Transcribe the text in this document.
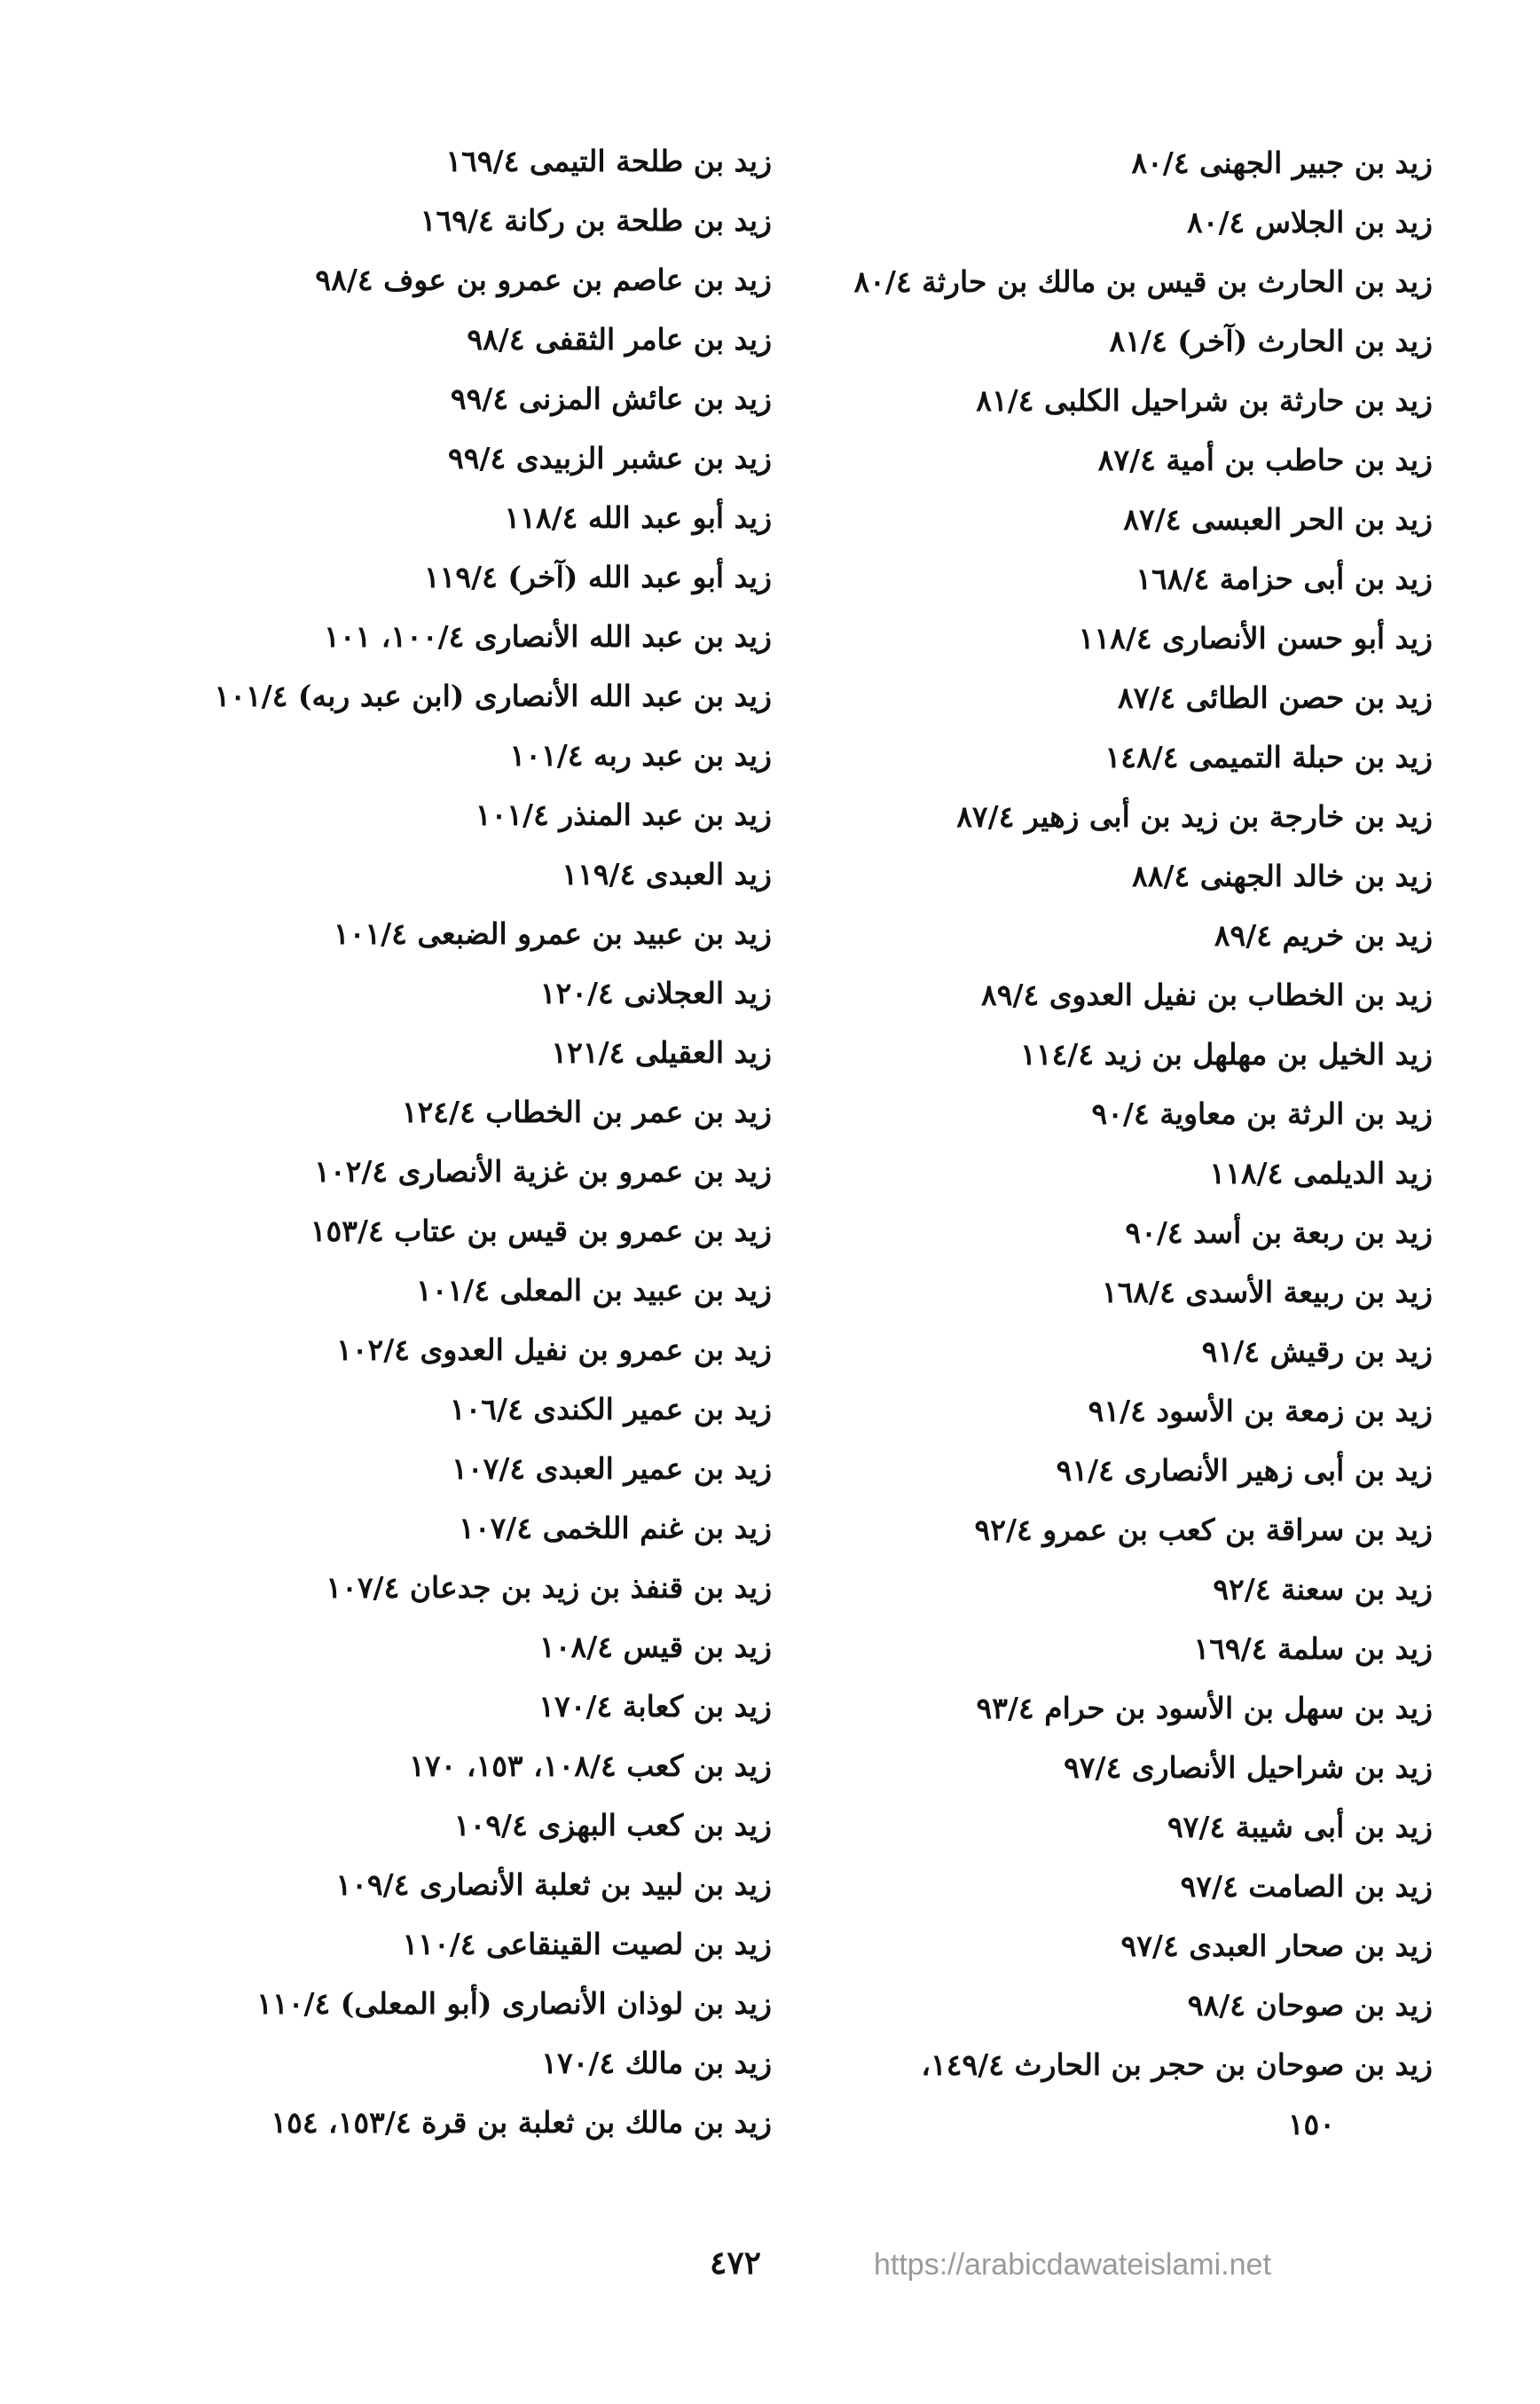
زيد بن جبير الجهنى ٨٠/٤
زيد بن الجلاس ٨٠/٤
زيد بن الحارث بن قيس بن مالك بن حارثة ٨٠/٤
زيد بن الحارث (آخر) ٨١/٤
زيد بن حارثة بن شراحيل الكلبى ٨١/٤
زيد بن حاطب بن أمية ٨٧/٤
زيد بن الحر العبسى ٨٧/٤
زيد بن أبى حزامة ١٦٨/٤
زيد أبو حسن الأنصارى ١١٨/٤
زيد بن حصن الطائى ٨٧/٤
زيد بن حبلة التميمى ١٤٨/٤
زيد بن خارجة بن زيد بن أبى زهير ٨٧/٤
زيد بن خالد الجهنى ٨٨/٤
زيد بن خريم ٨٩/٤
زيد بن الخطاب بن نفيل العدوى ٨٩/٤
زيد الخيل بن مهلهل بن زيد ١١٤/٤
زيد بن الرثة بن معاوية ٩٠/٤
زيد الديلمى ١١٨/٤
زيد بن ربعة بن أسد ٩٠/٤
زيد بن ربيعة الأسدى ١٦٨/٤
زيد بن رقيش ٩١/٤
زيد بن زمعة بن الأسود ٩١/٤
زيد بن أبى زهير الأنصارى ٩١/٤
زيد بن سراقة بن كعب بن عمرو ٩٢/٤
زيد بن سعنة ٩٢/٤
زيد بن سلمة ١٦٩/٤
زيد بن سهل بن الأسود بن حرام ٩٣/٤
زيد بن شراحيل الأنصارى ٩٧/٤
زيد بن أبى شيبة ٩٧/٤
زيد بن الصامت ٩٧/٤
زيد بن صحار العبدى ٩٧/٤
زيد بن صوحان ٩٨/٤
زيد بن صوحان بن حجر بن الحارث ١٤٩/٤،
١٥٠
زيد بن طلحة التيمى ١٦٩/٤
زيد بن طلحة بن ركانة ١٦٩/٤
زيد بن عاصم بن عمرو بن عوف ٩٨/٤
زيد بن عامر الثقفى ٩٨/٤
زيد بن عائش المزنى ٩٩/٤
زيد بن عشبر الزبيدى ٩٩/٤
زيد أبو عبد الله ١١٨/٤
زيد أبو عبد الله (آخر) ١١٩/٤
زيد بن عبد الله الأنصارى ١٠٠/٤، ١٠١
زيد بن عبد الله الأنصارى (ابن عبد ربه) ١٠١/٤
زيد بن عبد ربه ١٠١/٤
زيد بن عبد المنذر ١٠١/٤
زيد العبدى ١١٩/٤
زيد بن عبيد بن عمرو الضبعى ١٠١/٤
زيد العجلانى ١٢٠/٤
زيد العقيلى ١٢١/٤
زيد بن عمر بن الخطاب ١٢٤/٤
زيد بن عمرو بن غزية الأنصارى ١٠٢/٤
زيد بن عمرو بن قيس بن عتاب ١٥٣/٤
زيد بن عبيد بن المعلى ١٠١/٤
زيد بن عمرو بن نفيل العدوى ١٠٢/٤
زيد بن عمير الكندى ١٠٦/٤
زيد بن عمير العبدى ١٠٧/٤
زيد بن غنم اللخمى ١٠٧/٤
زيد بن قنفذ بن زيد بن جدعان ١٠٧/٤
زيد بن قيس ١٠٨/٤
زيد بن كعابة ١٧٠/٤
زيد بن كعب ١٠٨/٤، ١٥٣، ١٧٠
زيد بن كعب البهزى ١٠٩/٤
زيد بن لبيد بن ثعلبة الأنصارى ١٠٩/٤
زيد بن لصيت القينقاعى ١١٠/٤
زيد بن لوذان الأنصارى (أبو المعلى) ١١٠/٤
زيد بن مالك ١٧٠/٤
زيد بن مالك بن ثعلبة بن قرة ١٥٣/٤، ١٥٤
٤٧٢	https://arabicdawateislami.net
